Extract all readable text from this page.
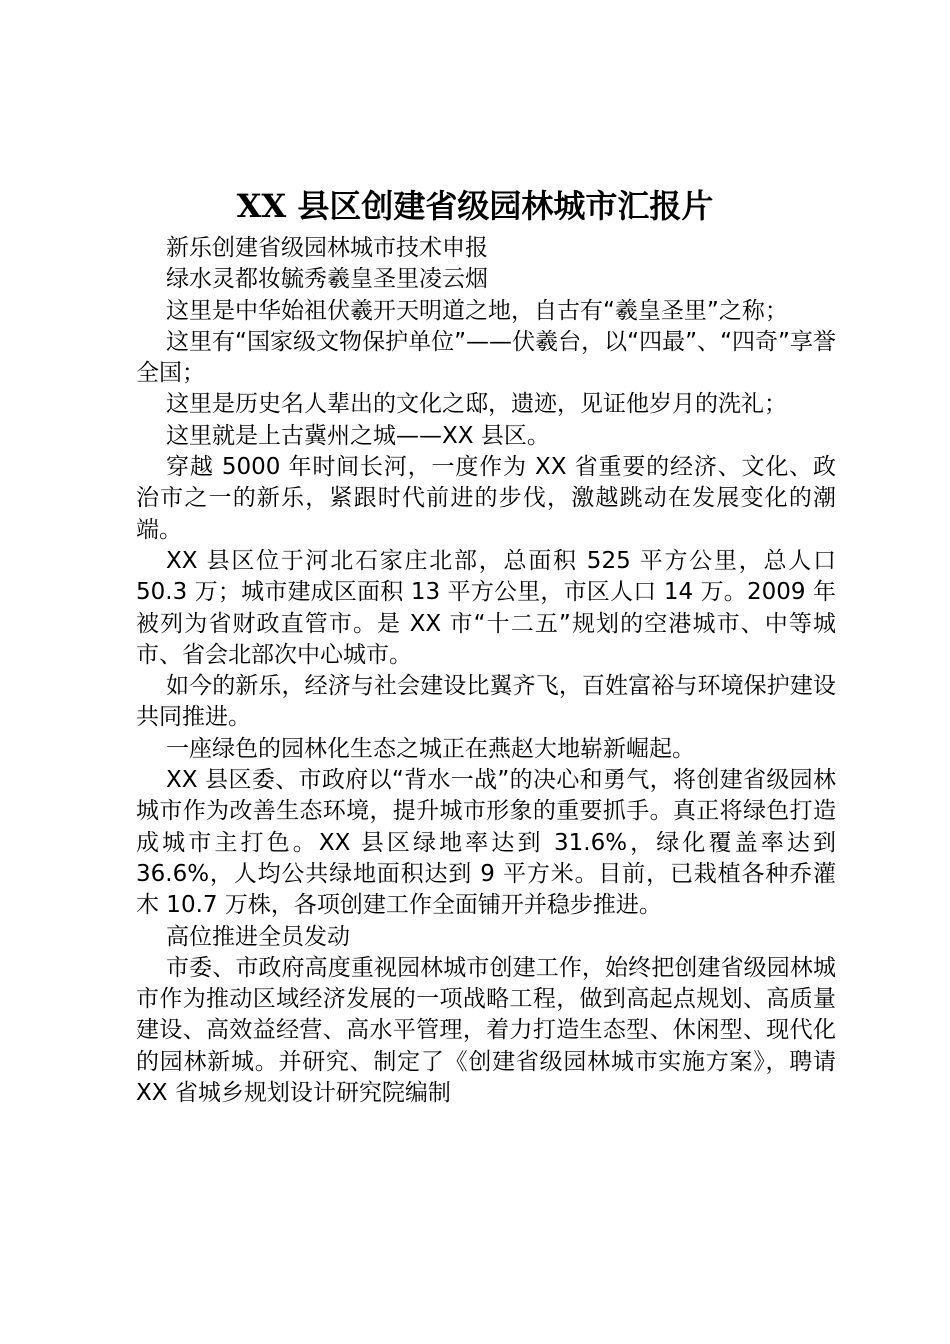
XX 县区创建省级园林城市汇报片

新乐创建省级园林城市技术申报

绿水灵都妆毓秀羲皇圣里凌云烟

这里是中华始祖伏羲开天明道之地，自古有“羲皇圣里”之称；

这里有“国家级文物保护单位”——伏羲台，以“四最”、“四奇”享誉全国；

这里是历史名人辈出的文化之邸，遗迹，见证他岁月的洗礼；

这里就是上古冀州之城——XX 县区。

穿越 5000 年时间长河，一度作为 XX 省重要的经济、文化、政治市之一的新乐，紧跟时代前进的步伐，激越跳动在发展变化的潮端。

XX 县区位于河北石家庄北部，总面积 525 平方公里，总人口 50.3 万；城市建成区面积 13 平方公里，市区人口 14 万。2009 年被列为省财政直管市。是 XX 市“十二五”规划的空港城市、中等城市、省会北部次中心城市。

如今的新乐，经济与社会建设比翼齐飞，百姓富裕与环境保护建设共同推进。

一座绿色的园林化生态之城正在燕赵大地崭新崛起。

XX 县区委、市政府以“背水一战”的决心和勇气，将创建省级园林城市作为改善生态环境，提升城市形象的重要抓手。真正将绿色打造成城市主打色。XX 县区绿地率达到 31.6%，绿化覆盖率达到 36.6%，人均公共绿地面积达到 9 平方米。目前，已栽植各种乔灌木 10.7 万株，各项创建工作全面铺开并稳步推进。

高位推进全员发动

市委、市政府高度重视园林城市创建工作，始终把创建省级园林城市作为推动区域经济发展的一项战略工程，做到高起点规划、高质量建设、高效益经营、高水平管理，着力打造生态型、休闲型、现代化的园林新城。并研究、制定了《创建省级园林城市实施方案》，聘请 XX 省城乡规划设计研究院编制
